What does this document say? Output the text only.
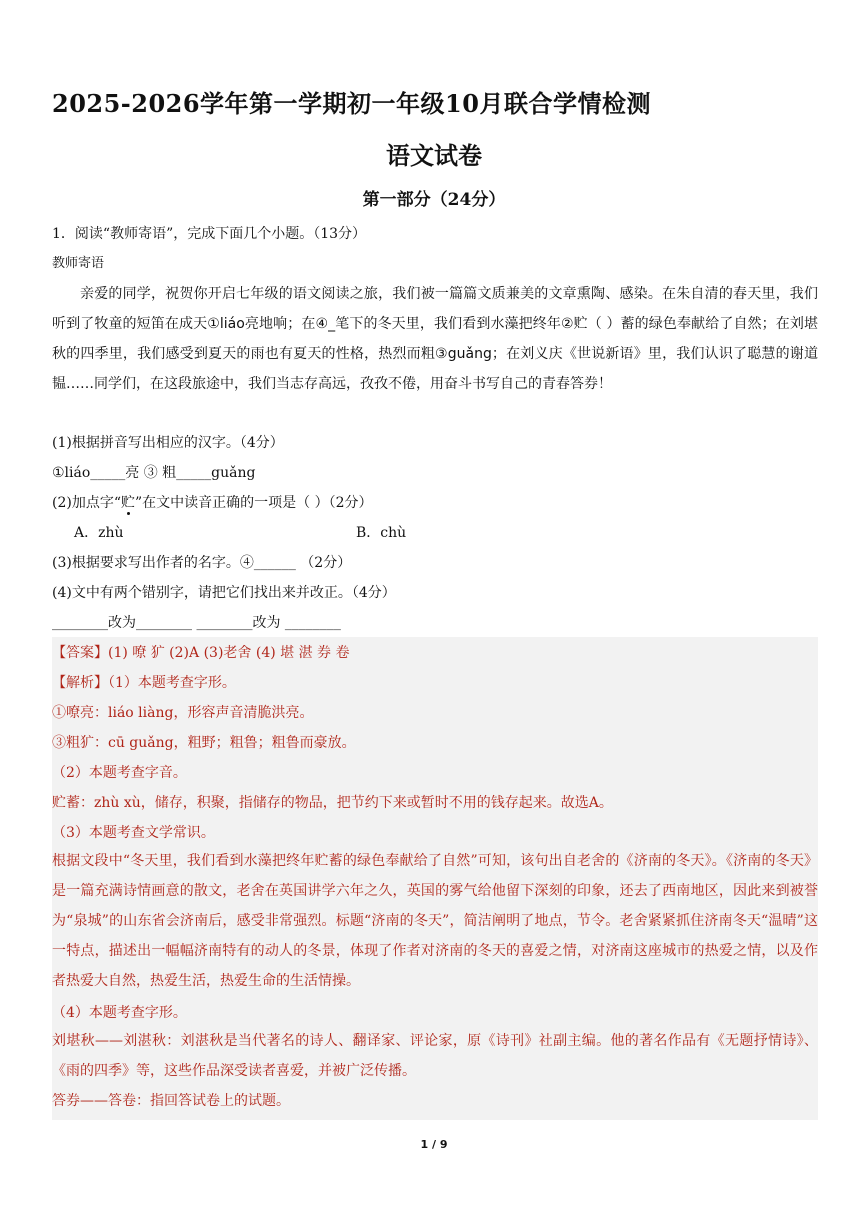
2025-2026学年第一学期初一年级10月联合学情检测
语文试卷
第一部分（24分）
1．阅读“教师寄语”，完成下面几个小题。（13分）
教师寄语

亲爱的同学，祝贺你开启七年级的语文阅读之旅，我们被一篇篇文质兼美的文章熏陶、感染。在朱自清的春天里，我们听到了牧童的短笛在成天①liáo亮地响；在④_笔下的冬天里，我们看到水藻把终年②贮（ ）蓄的绿色奉献给了自然；在刘堪秋的四季里，我们感受到夏天的雨也有夏天的性格，热烈而粗③guǎng；在刘义庆《世说新语》里，我们认识了聪慧的谢道韫……同学们，在这段旅途中，我们当志存高远，孜孜不倦，用奋斗书写自己的青春答券！

(1)根据拼音写出相应的汉字。（4分）
①liáo_____亮 ③ 粗_____guǎng
(2)加点字“贮”在文中读音正确的一项是（ ）（2分）
A．zhù	B．chù
(3)根据要求写出作者的名字。④______ （2分）
(4)文中有两个错别字，请把它们找出来并改正。（4分）
________改为________ ________改为 ________
【答案】(1) 嘹 犷 (2)A (3)老舍 (4) 堪 湛 券 卷
【解析】（1）本题考查字形。
①嘹亮：liáo liàng，形容声音清脆洪亮。
③粗犷：cū guǎng，粗野；粗鲁；粗鲁而豪放。
（2）本题考查字音。
贮蓄：zhù xù，储存，积聚，指储存的物品，把节约下来或暂时不用的钱存起来。故选A。
（3）本题考查文学常识。
根据文段中“冬天里，我们看到水藻把终年贮蓄的绿色奉献给了自然”可知，该句出自老舍的《济南的冬天》。《济南的冬天》是一篇充满诗情画意的散文，老舍在英国讲学六年之久，英国的雾气给他留下深刻的印象，还去了西南地区，因此来到被誉为“泉城”的山东省会济南后，感受非常强烈。标题“济南的冬天”，简洁阐明了地点，节令。老舍紧紧抓住济南冬天“温晴”这一特点，描述出一幅幅济南特有的动人的冬景，体现了作者对济南的冬天的喜爱之情，对济南这座城市的热爱之情，以及作者热爱大自然，热爱生活，热爱生命的生活情操。
（4）本题考查字形。
刘堪秋——刘湛秋：刘湛秋是当代著名的诗人、翻译家、评论家，原《诗刊》社副主编。他的著名作品有《无题抒情诗》、《雨的四季》等，这些作品深受读者喜爱，并被广泛传播。
答券——答卷：指回答试卷上的试题。
1 / 9
